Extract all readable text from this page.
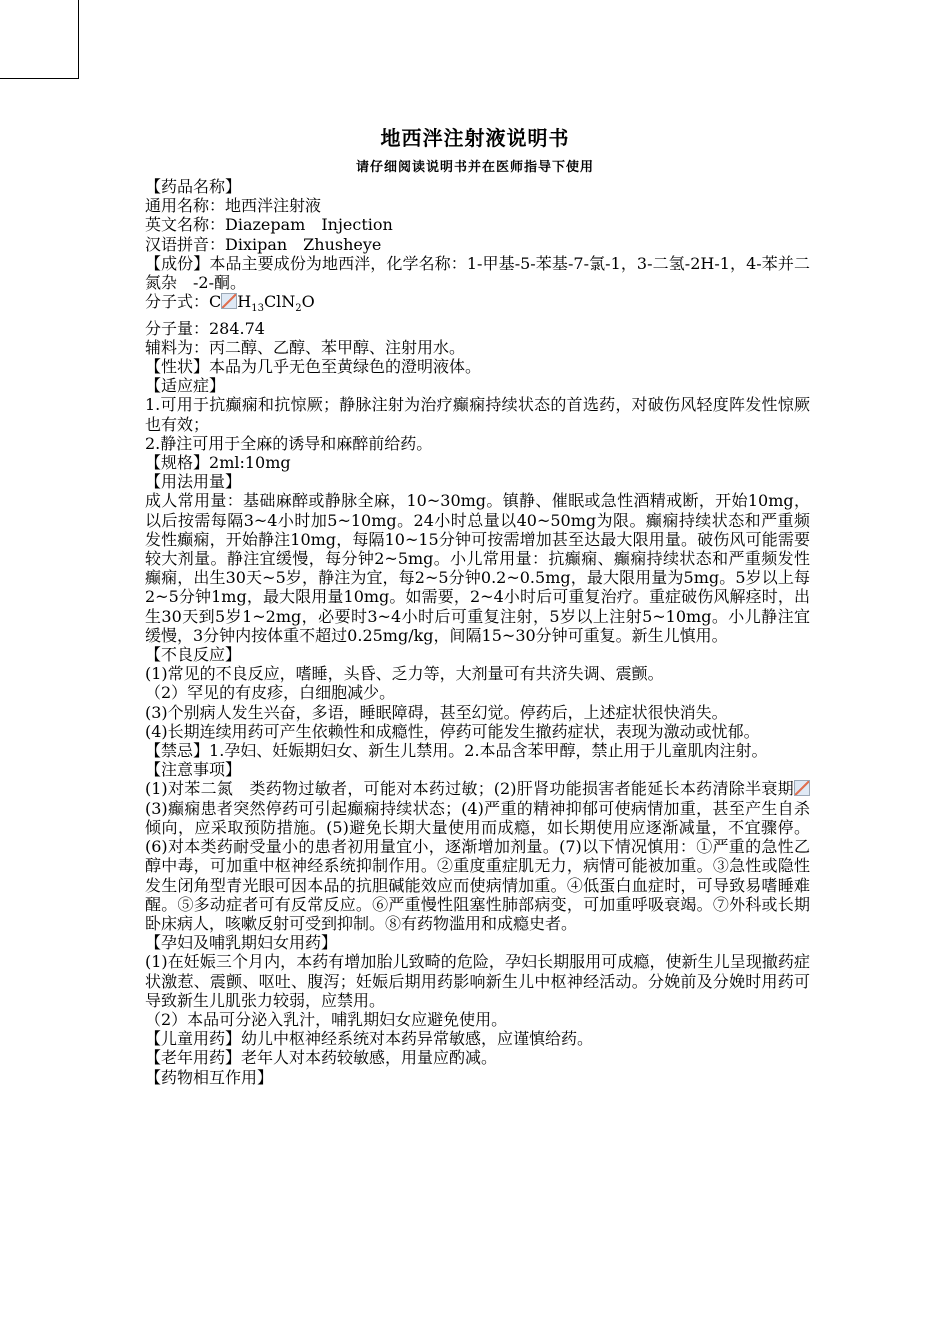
地西泮注射液说明书
请仔细阅读说明书并在医师指导下使用

【药品名称】

通用名称：地西泮注射液

英文名称：Diazepam　Injection

汉语拼音：Dixipan　Zhusheye

【成份】本品主要成份为地西泮，化学名称：1-甲基-5-苯基-7-氯-1，3-二氢-2H-1，4-苯并二氮杂　-2-酮。

分子式：C $H_{13}ClN_2O$

分子量：284.74

辅料为：丙二醇、乙醇、苯甲醇、注射用水。

【性状】本品为几乎无色至黄绿色的澄明液体。

【适应症】

1.可用于抗癫痫和抗惊厥；静脉注射为治疗癫痫持续状态的首选药，对破伤风轻度阵发性惊厥也有效；

2.静注可用于全麻的诱导和麻醉前给药。

【规格】2ml:10mg

【用法用量】

成人常用量：基础麻醉或静脉全麻，10~30mg。镇静、催眠或急性酒精戒断，开始10mg，以后按需每隔3~4小时加5~10mg。24小时总量以40~50mg为限。癫痫持续状态和严重频发性癫痫，开始静注10mg，每隔10~15分钟可按需增加甚至达最大限用量。破伤风可能需要较大剂量。静注宜缓慢，每分钟2~5mg。小儿常用量：抗癫痫、癫痫持续状态和严重频发性癫痫，出生30天~5岁，静注为宜，每2~5分钟0.2~0.5mg，最大限用量为5mg。5岁以上每2~5分钟1mg，最大限用量10mg。如需要，2~4小时后可重复治疗。重症破伤风解痉时，出生30天到5岁1~2mg，必要时3~4小时后可重复注射，5岁以上注射5~10mg。小儿静注宜缓慢，3分钟内按体重不超过0.25mg/kg，间隔15~30分钟可重复。新生儿慎用。

【不良反应】

(1)常见的不良反应，嗜睡，头昏、乏力等，大剂量可有共济失调、震颤。

（2）罕见的有皮疹，白细胞减少。

(3)个别病人发生兴奋，多语，睡眠障碍，甚至幻觉。停药后，上述症状很快消失。

(4)长期连续用药可产生依赖性和成瘾性，停药可能发生撤药症状，表现为激动或忧郁。

【禁忌】1.孕妇、妊娠期妇女、新生儿禁用。2.本品含苯甲醇，禁止用于儿童肌肉注射。

【注意事项】

(1)对苯二氮　类药物过敏者，可能对本药过敏；(2)肝肾功能损害者能延长本药清除半衰期(3)癫痫患者突然停药可引起癫痫持续状态；(4)严重的精神抑郁可使病情加重，甚至产生自杀倾向，应采取预防措施。(5)避免长期大量使用而成瘾，如长期使用应逐渐减量，不宜骤停。(6)对本类药耐受量小的患者初用量宜小，逐渐增加剂量。(7)以下情况慎用：①严重的急性乙醇中毒，可加重中枢神经系统抑制作用。②重度重症肌无力，病情可能被加重。③急性或隐性发生闭角型青光眼可因本品的抗胆碱能效应而使病情加重。④低蛋白血症时，可导致易嗜睡难醒。⑤多动症者可有反常反应。⑥严重慢性阻塞性肺部病变，可加重呼吸衰竭。⑦外科或长期卧床病人，咳嗽反射可受到抑制。⑧有药物滥用和成瘾史者。

【孕妇及哺乳期妇女用药】

(1)在妊娠三个月内，本药有增加胎儿致畸的危险，孕妇长期服用可成瘾，使新生儿呈现撤药症状激惹、震颤、呕吐、腹泻；妊娠后期用药影响新生儿中枢神经活动。分娩前及分娩时用药可导致新生儿肌张力较弱，应禁用。

（2）本品可分泌入乳汁，哺乳期妇女应避免使用。

【儿童用药】幼儿中枢神经系统对本药异常敏感，应谨慎给药。

【老年用药】老年人对本药较敏感，用量应酌减。

【药物相互作用】
